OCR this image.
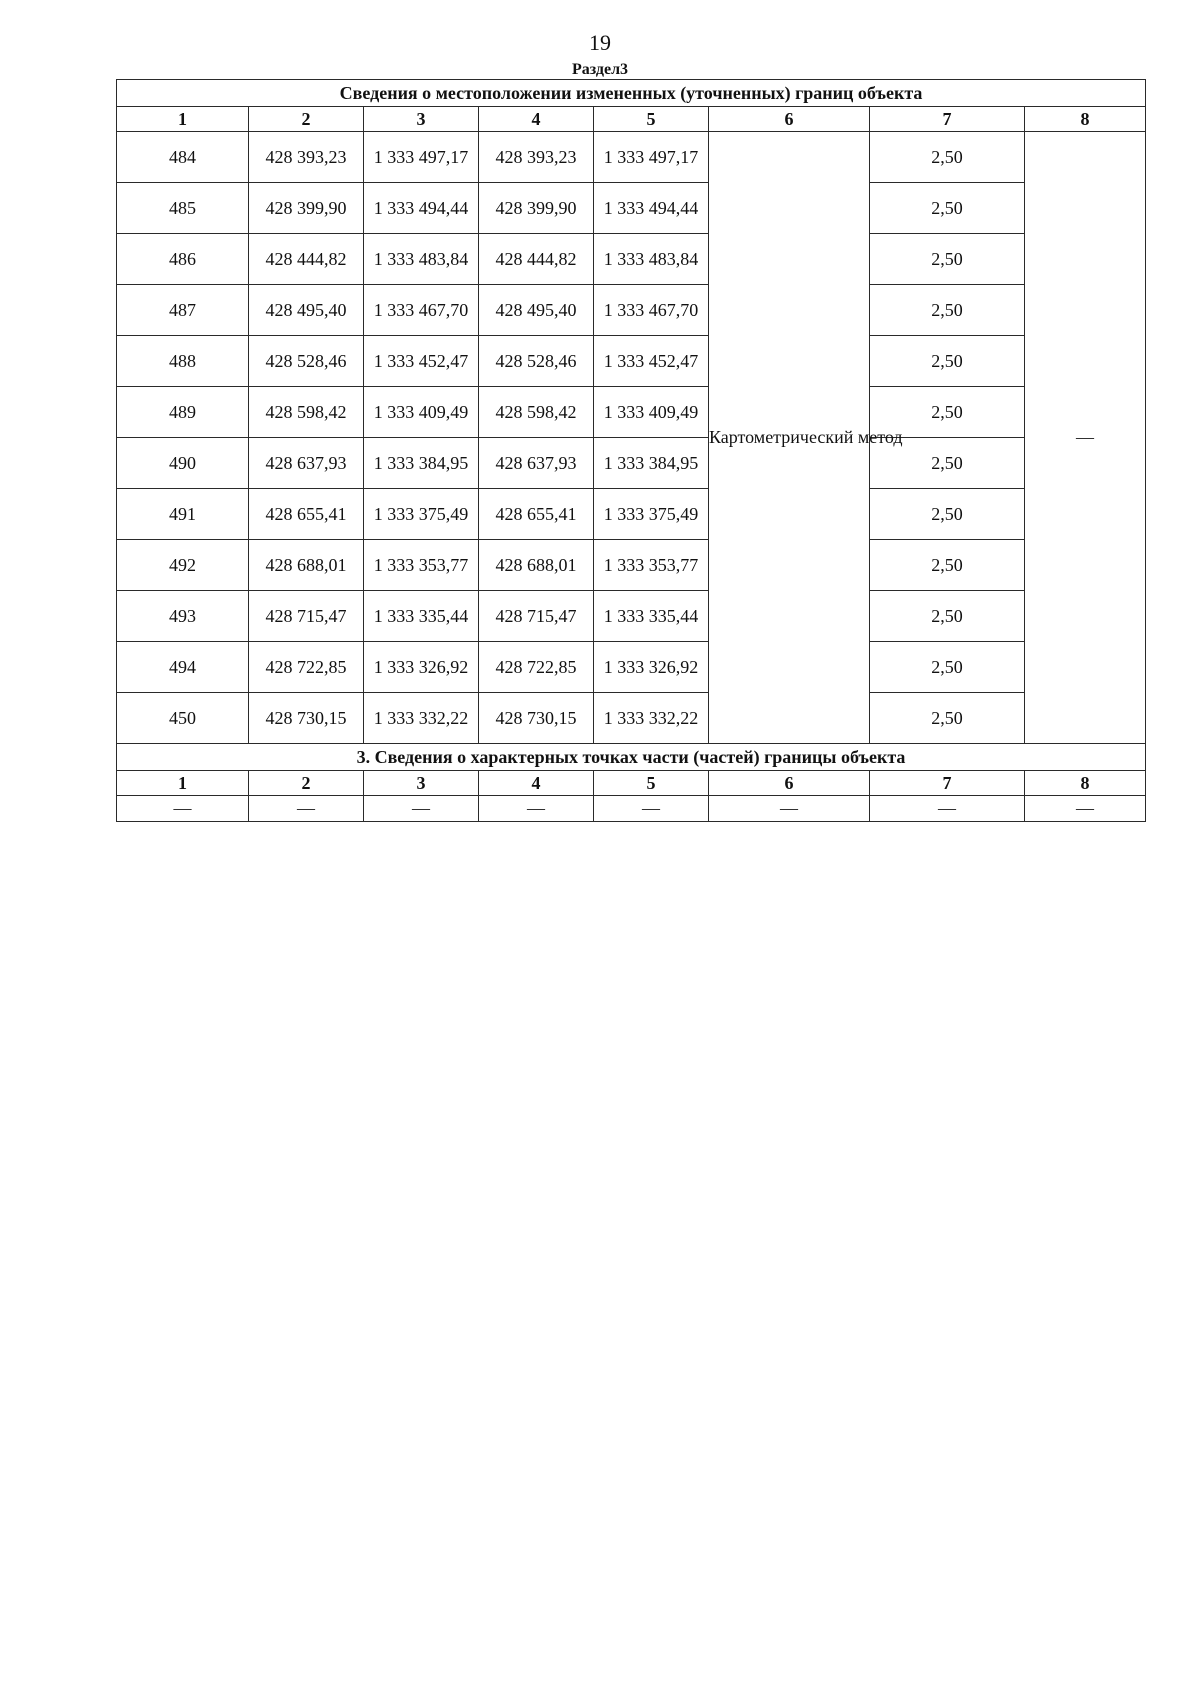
19
Раздел3
Сведения о местоположении измененных (уточненных) границ объекта							
1	2	3	4	5	6	7	8
484	428 393,23	1 333 497,17	428 393,23	1 333 497,17	Картометрический метод	2,50	—
485	428 399,90	1 333 494,44	428 399,90	1 333 494,44		2,50	
486	428 444,82	1 333 483,84	428 444,82	1 333 483,84		2,50	
487	428 495,40	1 333 467,70	428 495,40	1 333 467,70		2,50	
488	428 528,46	1 333 452,47	428 528,46	1 333 452,47		2,50	
489	428 598,42	1 333 409,49	428 598,42	1 333 409,49		2,50	
490	428 637,93	1 333 384,95	428 637,93	1 333 384,95		2,50	
491	428 655,41	1 333 375,49	428 655,41	1 333 375,49		2,50	
492	428 688,01	1 333 353,77	428 688,01	1 333 353,77		2,50	
493	428 715,47	1 333 335,44	428 715,47	1 333 335,44		2,50	
494	428 722,85	1 333 326,92	428 722,85	1 333 326,92		2,50	
450	428 730,15	1 333 332,22	428 730,15	1 333 332,22		2,50	
3. Сведения о характерных точках части (частей) границы объекта							
1	2	3	4	5	6	7	8
—	—	—	—	—	—	—	—
